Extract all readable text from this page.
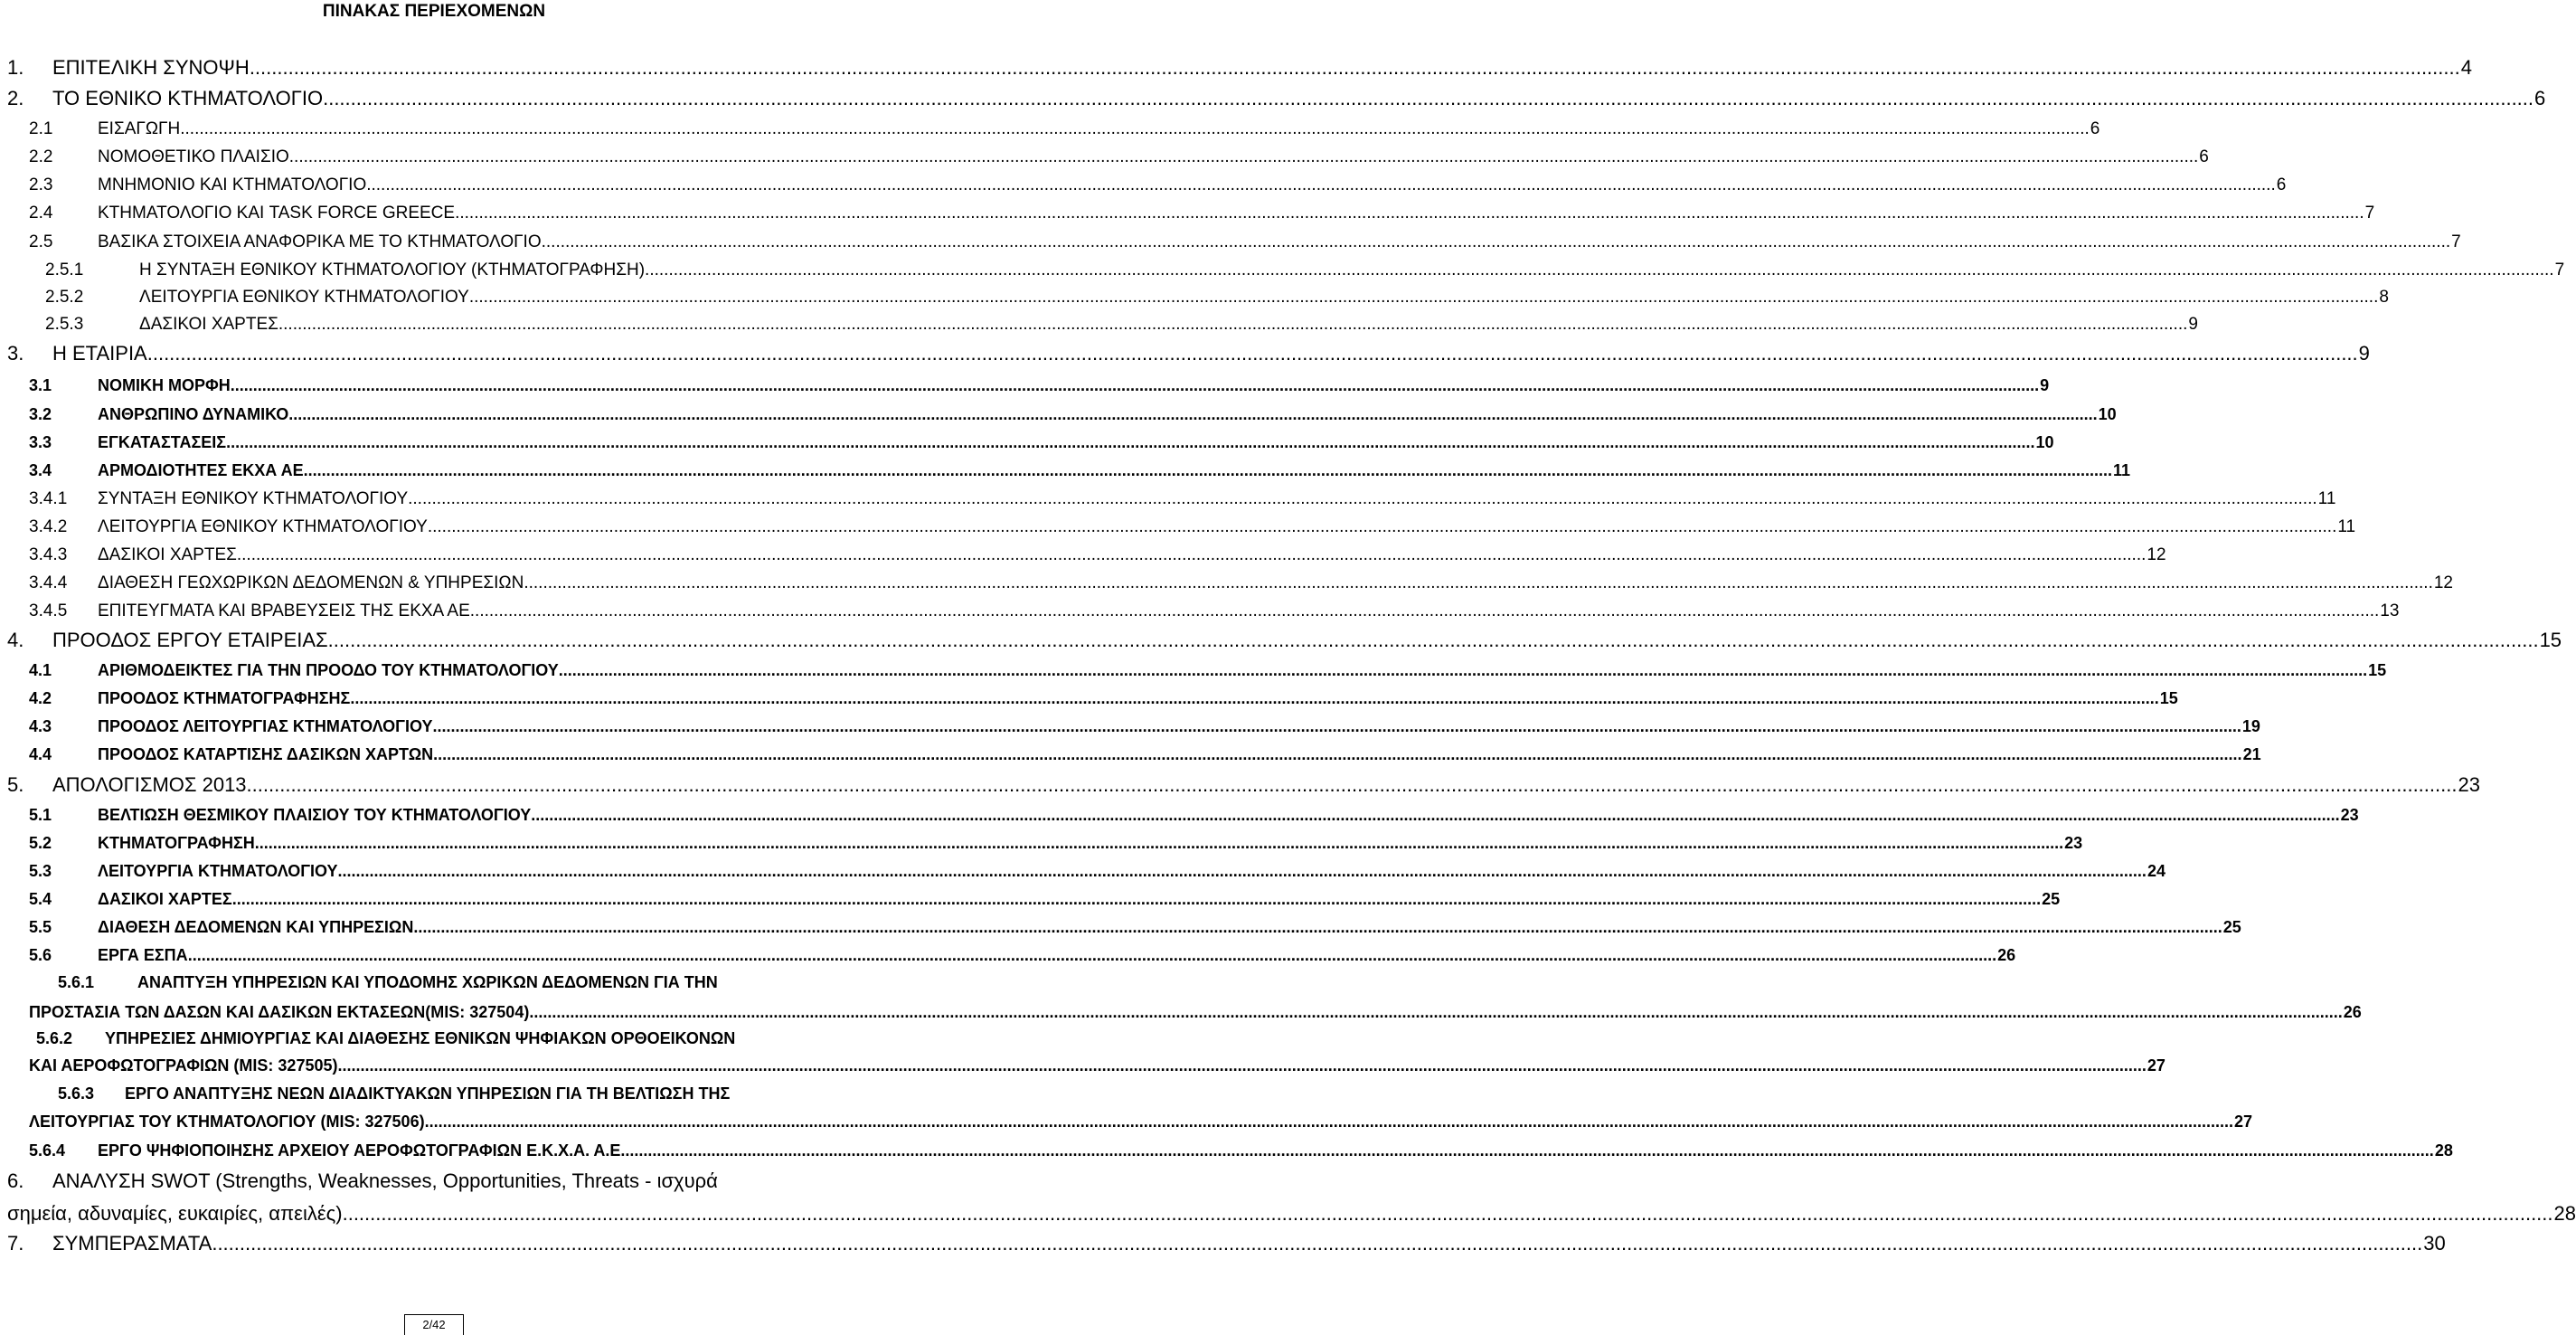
ΠΙΝΑΚΑΣ ΠΕΡΙΕΧΟΜΕΝΩΝ
1. ΕΠΙΤΕΛΙΚΗ ΣΥΝΟΨΗ ................................................................................................................................................................................................................................................................................................................................................................................................................ 4
2. ΤΟ ΕΘΝΙΚΟ ΚΤΗΜΑΤΟΛΟΓΙΟ ................................................................................................................................................................................................................................................................................................................................................................................................................ 6
2.1	ΕΙΣΑΓΩΓΗ ................................................................................................................................................................................................................................................................................................................................................................................................................ 6
2.2	ΝΟΜΟΘΕΤΙΚΟ ΠΛΑΙΣΙΟ ................................................................................................................................................................................................................................................................................................................................................................................................................ 6
2.3	ΜΝΗΜΟΝΙΟ ΚΑΙ ΚΤΗΜΑΤΟΛΟΓΙΟ ................................................................................................................................................................................................................................................................................................................................................................................................................ 6
2.4	ΚΤΗΜΑΤΟΛΟΓΙΟ ΚΑΙ TASK FORCE GREECE ................................................................................................................................................................................................................................................................................................................................................................................................................ 7
2.5	ΒΑΣΙΚΑ ΣΤΟΙΧΕΙΑ ΑΝΑΦΟΡΙΚΑ ΜΕ ΤΟ ΚΤΗΜΑΤΟΛΟΓΙΟ ................................................................................................................................................................................................................................................................................................................................................................................................................ 7
2.5.1	Η ΣΥΝΤΑΞΗ ΕΘΝΙΚΟΥ ΚΤΗΜΑΤΟΛΟΓΙΟΥ (ΚΤΗΜΑΤΟΓΡΑΦΗΣΗ) ................................................................................................................................................................................................................................................................................................................................................................................................................ 7
2.5.2	ΛΕΙΤΟΥΡΓΙΑ ΕΘΝΙΚΟΥ ΚΤΗΜΑΤΟΛΟΓΙΟΥ ................................................................................................................................................................................................................................................................................................................................................................................................................ 8
2.5.3	ΔΑΣΙΚΟΙ ΧΑΡΤΕΣ ................................................................................................................................................................................................................................................................................................................................................................................................................ 9
3. Η ΕΤΑΙΡΙΑ ................................................................................................................................................................................................................................................................................................................................................................................................................ 9
3.1	ΝΟΜΙΚΗ ΜΟΡΦΗ ................................................................................................................................................................................................................................................................................................................................................................................................................ 9
3.2	ΑΝΘΡΩΠΙΝΟ ΔΥΝΑΜΙΚΟ ................................................................................................................................................................................................................................................................................................................................................................................................................ 10
3.3	ΕΓΚΑΤΑΣΤΑΣΕΙΣ ................................................................................................................................................................................................................................................................................................................................................................................................................ 10
3.4	ΑΡΜΟΔΙΟΤΗΤΕΣ ΕΚΧΑ ΑΕ ................................................................................................................................................................................................................................................................................................................................................................................................................ 11
3.4.1 ΣΥΝΤΑΞΗ ΕΘΝΙΚΟΥ ΚΤΗΜΑΤΟΛΟΓΙΟΥ ................................................................................................................................................................................................................................................................................................................................................................................................................ 11
3.4.2 ΛΕΙΤΟΥΡΓΙΑ ΕΘΝΙΚΟΥ ΚΤΗΜΑΤΟΛΟΓΙΟΥ ................................................................................................................................................................................................................................................................................................................................................................................................................ 11
3.4.3 ΔΑΣΙΚΟΙ ΧΑΡΤΕΣ ................................................................................................................................................................................................................................................................................................................................................................................................................ 12
3.4.4 ΔΙΑΘΕΣΗ ΓΕΩΧΩΡΙΚΩΝ ΔΕΔΟΜΕΝΩΝ & ΥΠΗΡΕΣΙΩΝ ................................................................................................................................................................................................................................................................................................................................................................................................................ 12
3.4.5 ΕΠΙΤΕΥΓΜΑΤΑ ΚΑΙ ΒΡΑΒΕΥΣΕΙΣ ΤΗΣ ΕΚΧΑ ΑΕ ................................................................................................................................................................................................................................................................................................................................................................................................................ 13
4. ΠΡΟΟΔΟΣ ΕΡΓΟΥ ΕΤΑΙΡΕΙΑΣ ................................................................................................................................................................................................................................................................................................................................................................................................................ 15
4.1	ΑΡΙΘΜΟΔΕΙΚΤΕΣ ΓΙΑ ΤΗΝ ΠΡΟΟΔΟ ΤΟΥ ΚΤΗΜΑΤΟΛΟΓΙΟΥ ................................................................................................................................................................................................................................................................................................................................................................................................................ 15
4.2	ΠΡΟΟΔΟΣ ΚΤΗΜΑΤΟΓΡΑΦΗΣΗΣ ................................................................................................................................................................................................................................................................................................................................................................................................................ 15
4.3	ΠΡΟΟΔΟΣ ΛΕΙΤΟΥΡΓΙΑΣ ΚΤΗΜΑΤΟΛΟΓΙΟΥ ................................................................................................................................................................................................................................................................................................................................................................................................................ 19
4.4	ΠΡΟΟΔΟΣ ΚΑΤΑΡΤΙΣΗΣ ΔΑΣΙΚΩΝ ΧΑΡΤΩΝ ................................................................................................................................................................................................................................................................................................................................................................................................................ 21
5. ΑΠΟΛΟΓΙΣΜΟΣ 2013 ................................................................................................................................................................................................................................................................................................................................................................................................................ 23
5.1	ΒΕΛΤΙΩΣΗ ΘΕΣΜΙΚΟΥ ΠΛΑΙΣΙΟΥ ΤΟΥ ΚΤΗΜΑΤΟΛΟΓΙΟΥ ................................................................................................................................................................................................................................................................................................................................................................................................................ 23
5.2	ΚΤΗΜΑΤΟΓΡΑΦΗΣΗ ................................................................................................................................................................................................................................................................................................................................................................................................................ 23
5.3	ΛΕΙΤΟΥΡΓΙΑ ΚΤΗΜΑΤΟΛΟΓΙΟΥ ................................................................................................................................................................................................................................................................................................................................................................................................................ 24
5.4	ΔΑΣΙΚΟΙ ΧΑΡΤΕΣ ................................................................................................................................................................................................................................................................................................................................................................................................................ 25
5.5	ΔΙΑΘΕΣΗ ΔΕΔΟΜΕΝΩΝ ΚΑΙ ΥΠΗΡΕΣΙΩΝ ................................................................................................................................................................................................................................................................................................................................................................................................................ 25
5.6	ΕΡΓΑ ΕΣΠΑ ................................................................................................................................................................................................................................................................................................................................................................................................................ 26
5.6.1	ΑΝΑΠΤΥΞΗ ΥΠΗΡΕΣΙΩΝ ΚΑΙ ΥΠΟΔΟΜΗΣ ΧΩΡΙΚΩΝ ΔΕΔΟΜΕΝΩΝ ΓΙΑ ΤΗΝ
ΠΡΟΣΤΑΣΙΑ ΤΩΝ ΔΑΣΩΝ ΚΑΙ ΔΑΣΙΚΩΝ ΕΚΤΑΣΕΩΝ(MIS: 327504). ................................................................................................................................................................................................................................................................................................................................................................................................................ 26
5.6.2 ΥΠΗΡΕΣΙΕΣ ΔΗΜΙΟΥΡΓΙΑΣ ΚΑΙ ΔΙΑΘΕΣΗΣ ΕΘΝΙΚΩΝ ΨΗΦΙΑΚΩΝ ΟΡΘΟΕΙΚΟΝΩΝ
ΚΑΙ ΑΕΡΟΦΩΤΟΓΡΑΦΙΩΝ (MIS: 327505) ................................................................................................................................................................................................................................................................................................................................................................................................................ 27
5.6.3 ΕΡΓΟ ΑΝΑΠΤΥΞΗΣ ΝΕΩΝ ΔΙΑΔΙΚΤΥΑΚΩΝ ΥΠΗΡΕΣΙΩΝ ΓΙΑ ΤΗ ΒΕΛΤΙΩΣΗ ΤΗΣ
ΛΕΙΤΟΥΡΓΙΑΣ ΤΟΥ ΚΤΗΜΑΤΟΛΟΓΙΟΥ (MIS: 327506) ................................................................................................................................................................................................................................................................................................................................................................................................................ 27
5.6.4 ΕΡΓΟ ΨΗΦΙΟΠΟΙΗΣΗΣ ΑΡΧΕΙΟΥ ΑΕΡΟΦΩΤΟΓΡΑΦΙΩΝ Ε.Κ.Χ.Α. Α.Ε. ................................................................................................................................................................................................................................................................................................................................................................................................................ 28
6. ΑΝΑΛΥΣΗ SWOT (Strengths, Weaknesses, Opportunities, Threats - ισχυρά
σημεία, αδυναμίες, ευκαιρίες, απειλές) ................................................................................................................................................................................................................................................................................................................................................................................................................ 28
7. ΣΥΜΠΕΡΑΣΜΑΤΑ ................................................................................................................................................................................................................................................................................................................................................................................................................ 30
2/42
